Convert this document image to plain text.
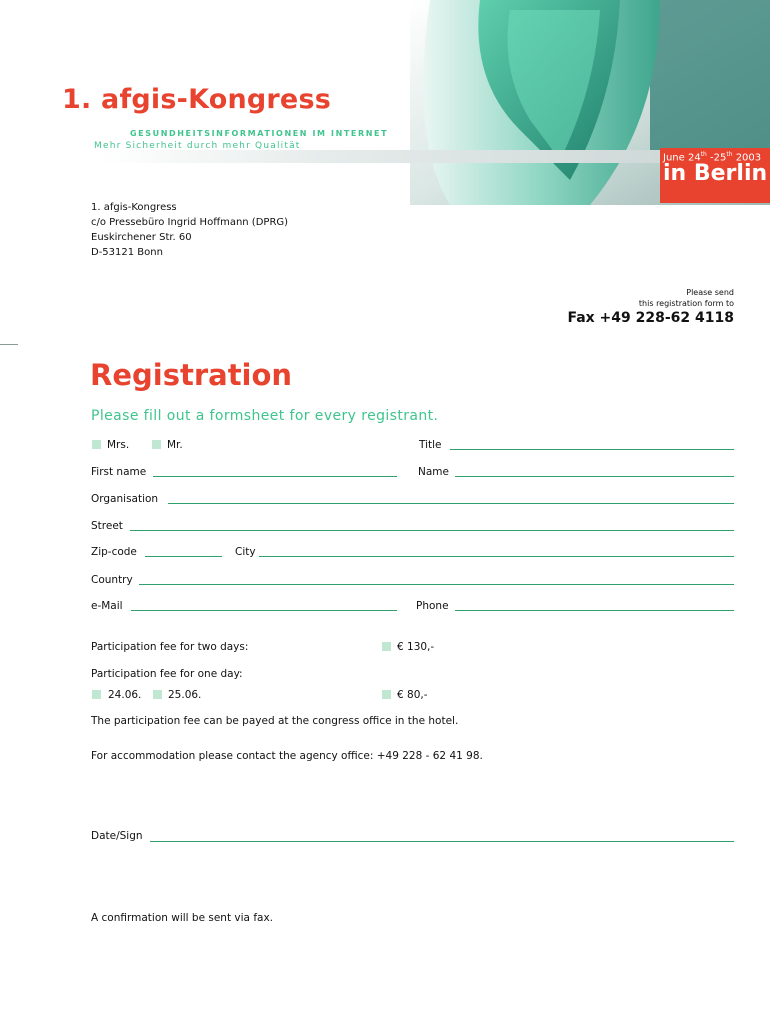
June 24th -25th 2003
in Berlin
1. afgis-Kongress
GESUNDHEITSINFORMATIONEN IM INTERNET
Mehr Sicherheit durch mehr Qualität
1. afgis-Kongress
c/o Pressebüro Ingrid Hoffmann (DPRG)
Euskirchener Str. 60
D-53121 Bonn
Please send
this registration form to
Fax +49 228-62 4118
Registration
Please fill out a formsheet for every registrant.
Mrs.	Mr.	Title
First name	Name
Organisation
Street
Zip-code	City
Country
e-Mail	Phone
Participation fee for two days:	€ 130,-
Participation fee for one day:
24.06.	25.06.	€ 80,-
The participation fee can be payed at the congress office in the hotel.
For accommodation please contact the agency office: +49 228 - 62 41 98.
Date/Sign
A confirmation will be sent via fax.
